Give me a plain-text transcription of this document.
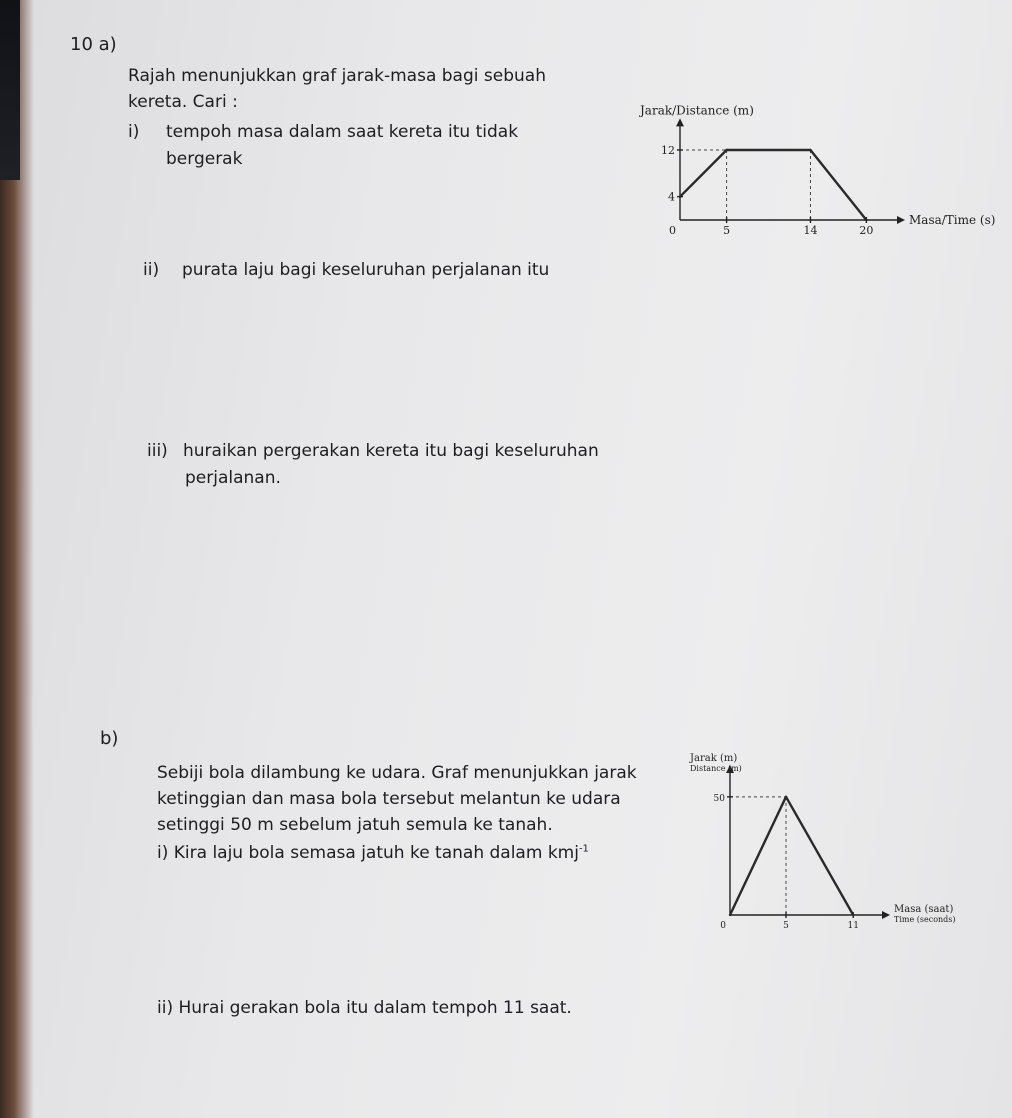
10 a)
Rajah menunjukkan graf jarak-masa bagi sebuah
kereta. Cari :
i) tempoh masa dalam saat kereta itu tidak
bergerak
ii) purata laju bagi keseluruhan perjalanan itu
iii) huraikan pergerakan kereta itu bagi keseluruhan
perjalanan.
b)
Sebiji bola dilambung ke udara. Graf menunjukkan jarak
ketinggian dan masa bola tersebut melantun ke udara
setinggi 50 m sebelum jatuh semula ke tanah.
i) Kira laju bola semasa jatuh ke tanah dalam kmj$^{-1}$
ii) Hurai gerakan bola itu dalam tempoh 11 saat.
5	14	20
4
12
0
Jarak/Distance (m)
Masa/Time (s)
5	11
50
0
Jarak (m)
Distance (m)
Masa (saat)
Time (seconds)
